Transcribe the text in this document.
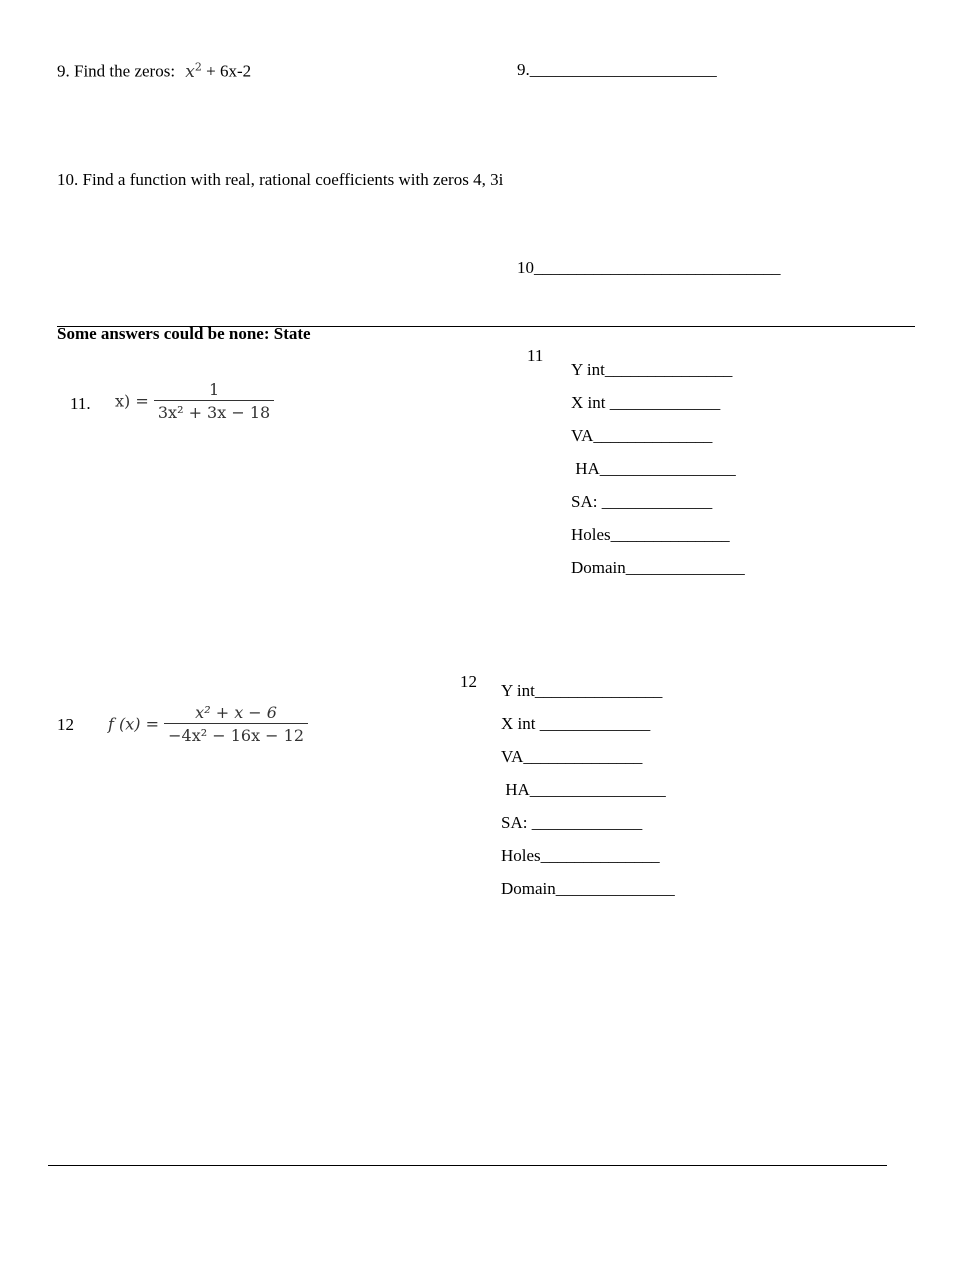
9. Find the zeros: $x^2 + 6x-2$	9.______________________
10. Find a function with real, rational coefficients with zeros 4, 3i
10_____________________________
Some answers could be none: State
11. $x) = \frac{1}{\text{3x² + 3x − 18}}$
11
Y int_______________
X int _____________
VA______________
HA________________
SA: _____________
Holes______________
Domain______________
12 f $(x) = \frac{\text{x² + x − 6}}{\text{−4x² − 16x − 12}}$
12 Y int_______________
X int _____________
VA______________
HA________________
SA: _____________
Holes______________
Domain______________
